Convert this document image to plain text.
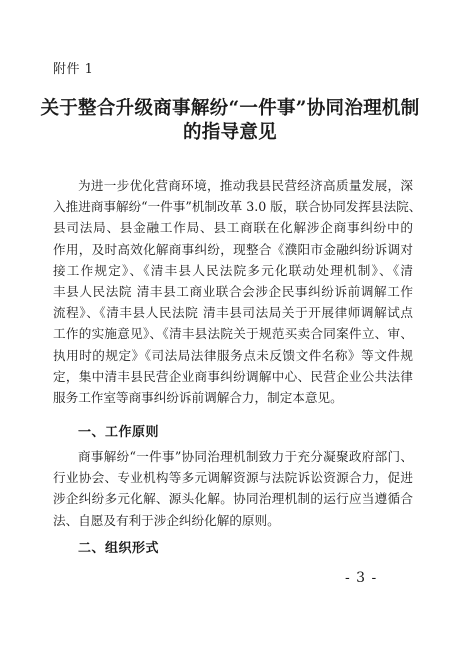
附件 1
关于整合升级商事解纷“一件事”协同治理机制
的指导意见
为进一步优化营商环境，推动我县民营经济高质量发展，深
入推进商事解纷“一件事”机制改革 3.0 版，联合协同发挥县法院、
县司法局、县金融工作局、县工商联在化解涉企商事纠纷中的
作用，及时高效化解商事纠纷，现整合《濮阳市金融纠纷诉调对
接工作规定》、《清丰县人民法院多元化联动处理机制》、《清
丰县人民法院 清丰县工商业联合会涉企民事纠纷诉前调解工作
流程》、《清丰县人民法院 清丰县司法局关于开展律师调解试点
工作的实施意见》、《清丰县法院关于规范买卖合同案件立、审、
执用时的规定》《司法局法律服务点未反馈文件名称》等文件规
定，集中清丰县民营企业商事纠纷调解中心、民营企业公共法律
服务工作室等商事纠纷诉前调解合力，制定本意见。
一、工作原则
商事解纷“一件事”协同治理机制致力于充分凝聚政府部门、
行业协会、专业机构等多元调解资源与法院诉讼资源合力，促进
涉企纠纷多元化解、源头化解。协同治理机制的运行应当遵循合
法、自愿及有利于涉企纠纷化解的原则。
二、组织形式
- 3 -
